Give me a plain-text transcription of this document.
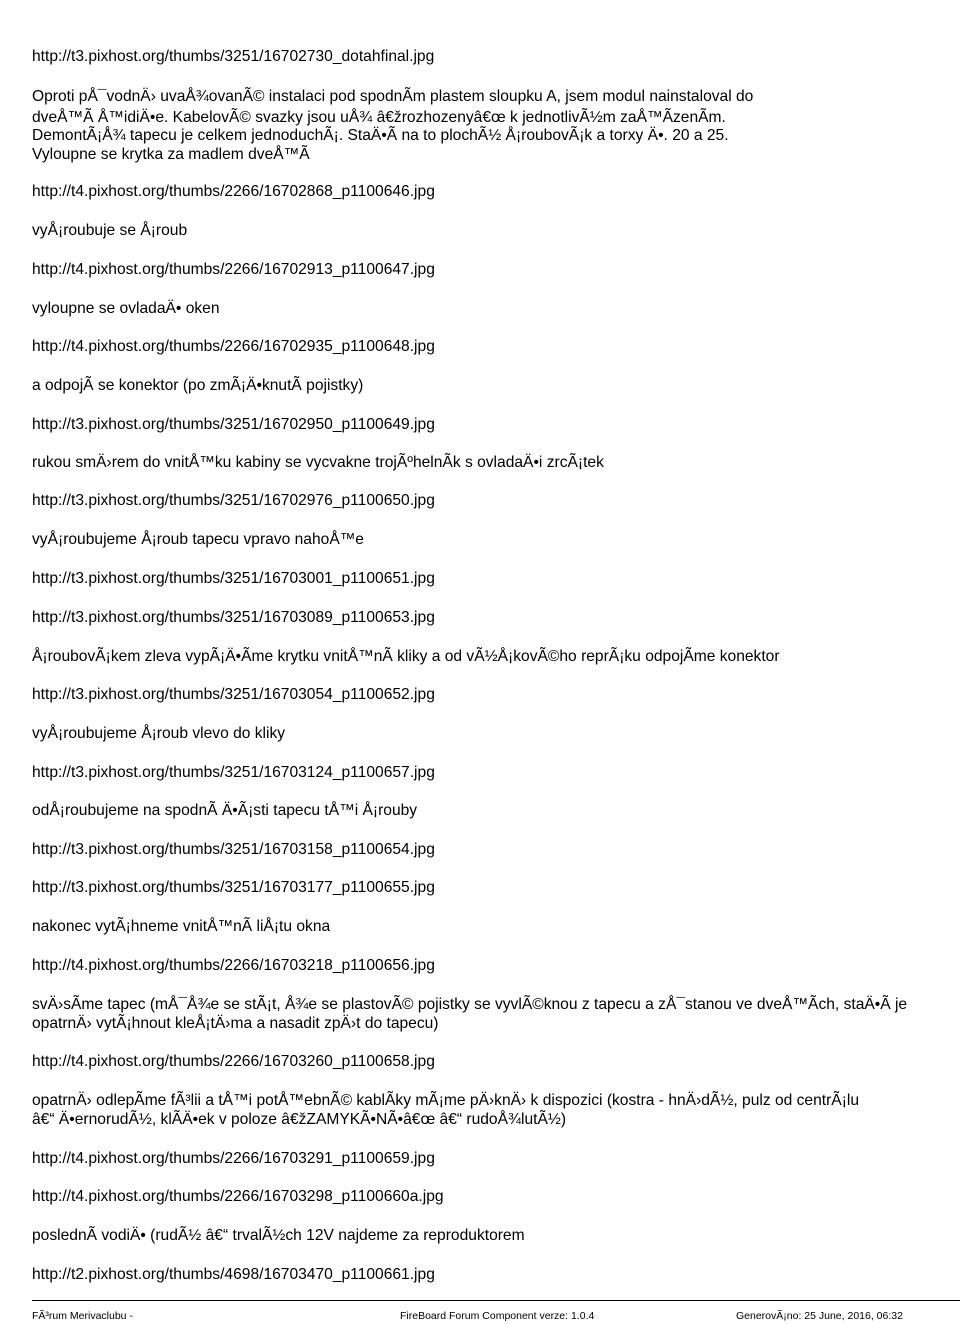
http://t3.pixhost.org/thumbs/3251/16702730_dotahfinal.jpg
Oproti pÅ¯vodnÄ› uvaÅ¾ovanÃ© instalaci pod spodnÃm plastem sloupku A, jsem modul nainstaloval do
dveÅ™Ã Å™idiÄ•e. KabelovÃ© svazky jsou uÅ¾ â€žrozhozenyâ€œ k jednotlivÃ½m zaÅ™ÃzenÃm.
DemontÃ¡Å¾ tapecu je celkem jednoduchÃ¡. StaÄ•Ã na to plochÃ½ Å¡roubovÃ¡k a torxy Ä•. 20 a 25.
Vyloupne se krytka za madlem dveÅ™Ã
http://t4.pixhost.org/thumbs/2266/16702868_p1100646.jpg
vyÅ¡roubuje se Å¡roub
http://t4.pixhost.org/thumbs/2266/16702913_p1100647.jpg
vyloupne se ovladaÄ• oken
http://t4.pixhost.org/thumbs/2266/16702935_p1100648.jpg
a odpojÃ se konektor (po zmÃ¡Ä•knutÃ pojistky)
http://t3.pixhost.org/thumbs/3251/16702950_p1100649.jpg
rukou smÄ›rem do vnitÅ™ku kabiny se vycvakne trojÃºhelnÃk s ovladaÄ•i zrcÃ¡tek
http://t3.pixhost.org/thumbs/3251/16702976_p1100650.jpg
vyÅ¡roubujeme Å¡roub tapecu vpravo nahoÅ™e
http://t3.pixhost.org/thumbs/3251/16703001_p1100651.jpg
http://t3.pixhost.org/thumbs/3251/16703089_p1100653.jpg
Å¡roubovÃ¡kem zleva vypÃ¡Ä•Ãme krytku vnitÅ™nÃ kliky a od vÃ½Å¡kovÃ©ho reprÃ¡ku odpojÃme konektor
http://t3.pixhost.org/thumbs/3251/16703054_p1100652.jpg
vyÅ¡roubujeme Å¡roub vlevo do kliky
http://t3.pixhost.org/thumbs/3251/16703124_p1100657.jpg
odÅ¡roubujeme na spodnÃ Ä•Ã¡sti tapecu tÅ™i Å¡rouby
http://t3.pixhost.org/thumbs/3251/16703158_p1100654.jpg
http://t3.pixhost.org/thumbs/3251/16703177_p1100655.jpg
nakonec vytÃ¡hneme vnitÅ™nÃ liÅ¡tu okna
http://t4.pixhost.org/thumbs/2266/16703218_p1100656.jpg
svÄ›sÃme tapec (mÅ¯Å¾e se stÃ¡t, Å¾e se plastovÃ© pojistky se vyvlÃ©knou z tapecu a zÅ¯stanou ve dveÅ™Ãch, staÄ•Ã je
opatrnÄ› vytÃ¡hnout kleÅ¡tÄ›ma a nasadit zpÄ›t do tapecu)
http://t4.pixhost.org/thumbs/2266/16703260_p1100658.jpg
opatrnÄ› odlepÃme fÃ³lii a tÅ™i potÅ™ebnÃ© kablÃky mÃ¡me pÄ›knÄ› k dispozici (kostra - hnÄ›dÃ½, pulz od centrÃ¡lu
â€“ Ä•ernorudÃ½, klÃÄ•ek v poloze â€žZAMYKÃ•NÃ•â€œ â€“ rudoÅ¾lutÃ½)
http://t4.pixhost.org/thumbs/2266/16703291_p1100659.jpg
http://t4.pixhost.org/thumbs/2266/16703298_p1100660a.jpg
poslednÃ vodiÄ• (rudÃ½ â€“ trvalÃ½ch 12V najdeme za reproduktorem
http://t2.pixhost.org/thumbs/4698/16703470_p1100661.jpg
FÃ³rum Merivaclubu -	FireBoard Forum Component verze: 1.0.4	GenerovÃ¡no: 25 June, 2016, 06:32
